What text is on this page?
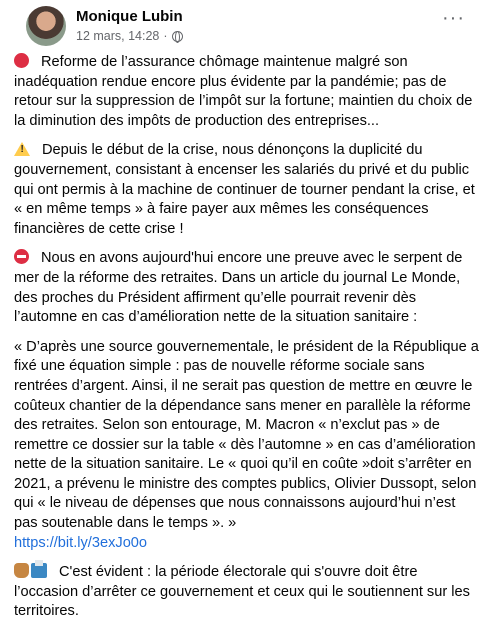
Monique Lubin
12 mars, 14:28 ·
···

Reforme de l’assurance chômage maintenue malgré son inadéquation rendue encore plus évidente par la pandémie; pas de retour sur la suppression de l’impôt sur la fortune; maintien du choix de la diminution des impôts de production des entreprises...

! Depuis le début de la crise, nous dénonçons la duplicité du gouvernement, consistant à encenser les salariés du privé et du public qui ont permis à la machine de continuer de tourner pendant la crise, et « en même temps » à faire payer aux mêmes les conséquences financières de cette crise !

Nous en avons aujourd'hui encore une preuve avec le serpent de mer de la réforme des retraites. Dans un article du journal Le Monde, des proches du Président affirment qu’elle pourrait revenir dès l’automne en cas d’amélioration nette de la situation sanitaire :

« D’après une source gouvernementale, le président de la République a fixé une équation simple : pas de nouvelle réforme sociale sans rentrées d’argent. Ainsi, il ne serait pas question de mettre en œuvre le coûteux chantier de la dépendance sans mener en parallèle la réforme des retraites. Selon son entourage, M. Macron « n’exclut pas » de remettre ce dossier sur la table « dès l’automne » en cas d’amélioration nette de la situation sanitaire. Le « quoi qu’il en coûte »doit s’arrêter en 2021, a prévenu le ministre des comptes publics, Olivier Dussopt, selon qui « le niveau de dépenses que nous connaissons aujourd’hui n’est pas soutenable dans le temps ». »
https://bit.ly/3exJo0o

C'est évident : la période électorale qui s'ouvre doit être l’occasion d’arrêter ce gouvernement et ceux qui le soutiennent sur les territoires.
